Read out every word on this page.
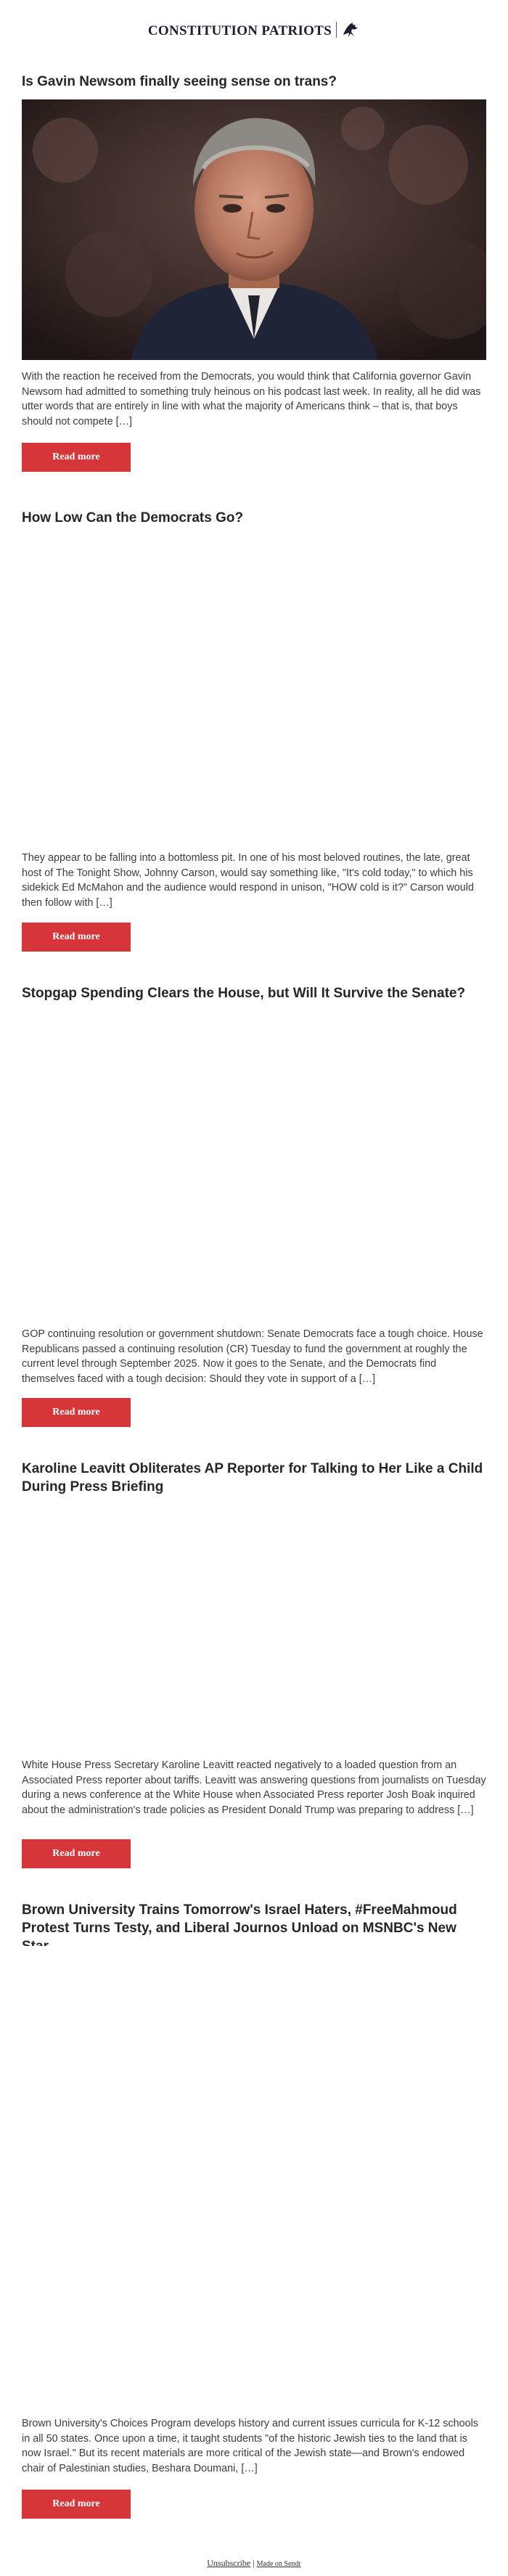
CONSTITUTION PATRIOTS
Is Gavin Newsom finally seeing sense on trans?

With the reaction he received from the Democrats, you would think that California governor Gavin Newsom had admitted to something truly heinous on his podcast last week. In reality, all he did was utter words that are entirely in line with what the majority of Americans think – that is, that boys should not compete […]

Read more
How Low Can the Democrats Go?

They appear to be falling into a bottomless pit. In one of his most beloved routines, the late, great host of The Tonight Show, Johnny Carson, would say something like, "It's cold today," to which his sidekick Ed McMahon and the audience would respond in unison, "HOW cold is it?" Carson would then follow with […]

Read more
Stopgap Spending Clears the House, but Will It Survive the Senate?

GOP continuing resolution or government shutdown: Senate Democrats face a tough choice. House Republicans passed a continuing resolution (CR) Tuesday to fund the government at roughly the current level through September 2025. Now it goes to the Senate, and the Democrats find themselves faced with a tough decision: Should they vote in support of a […]

Read more
Karoline Leavitt Obliterates AP Reporter for Talking to Her Like a Child During Press Briefing

White House Press Secretary Karoline Leavitt reacted negatively to a loaded question from an Associated Press reporter about tariffs. Leavitt was answering questions from journalists on Tuesday during a news conference at the White House when Associated Press reporter Josh Boak inquired about the administration's trade policies as President Donald Trump was preparing to address […]

Read more
Brown University Trains Tomorrow's Israel Haters, #FreeMahmoud Protest Turns Testy, and Liberal Journos Unload on MSNBC's New

Brown University's Choices Program develops history and current issues curricula for K-12 schools in all 50 states. Once upon a time, it taught students "of the historic Jewish ties to the land that is now Israel." But its recent materials are more critical of the Jewish state—and Brown's endowed chair of Palestinian studies, Beshara Doumani, […]

Read more
Unsubscribe | Made on Sendr
